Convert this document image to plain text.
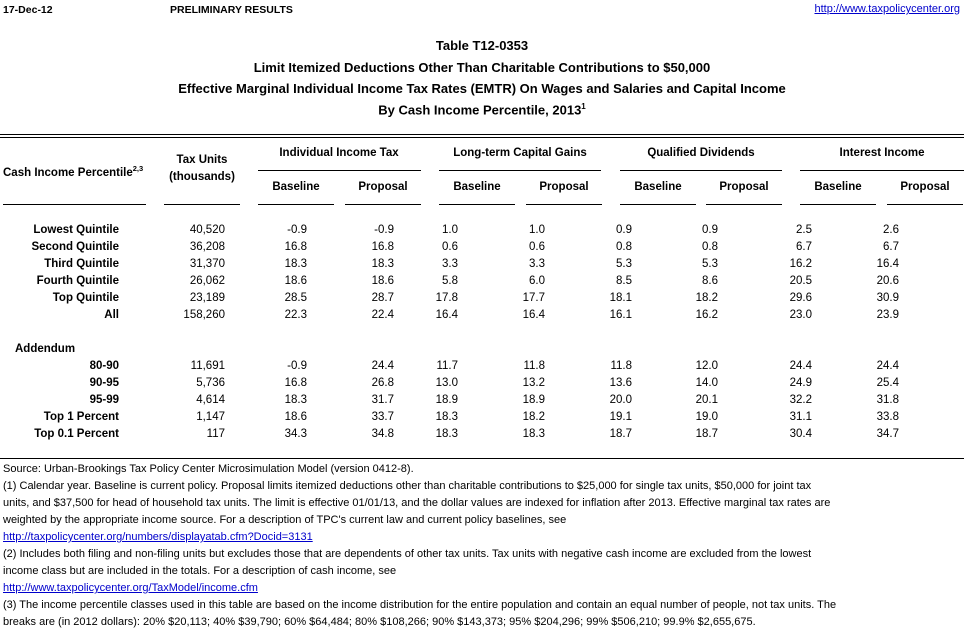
17-Dec-12	PRELIMINARY RESULTS	http://www.taxpolicycenter.org
Table T12-0353
Limit Itemized Deductions Other Than Charitable Contributions to $50,000
Effective Marginal Individual Income Tax Rates (EMTR) On Wages and Salaries and Capital Income
By Cash Income Percentile, 2013$^1$
Cash Income Percentile$^{2,3}$
Tax Units
(thousands)
Individual Income Tax	Long-term Capital Gains	Qualified Dividends	Interest Income
Baseline	Proposal	Baseline	Proposal	Baseline	Proposal	Baseline	Proposal
Lowest Quintile	40,520	-0.9	-0.9	1.0	1.0	0.9	0.9	2.5	2.6
Second Quintile	36,208	16.8	16.8	0.6	0.6	0.8	0.8	6.7	6.7
Third Quintile	31,370	18.3	18.3	3.3	3.3	5.3	5.3	16.2	16.4
Fourth Quintile	26,062	18.6	18.6	5.8	6.0	8.5	8.6	20.5	20.6
Top Quintile	23,189	28.5	28.7	17.8	17.7	18.1	18.2	29.6	30.9
All	158,260	22.3	22.4	16.4	16.4	16.1	16.2	23.0	23.9
Addendum
80-90	11,691	-0.9	24.4	11.7	11.8	11.8	12.0	24.4	24.4
90-95	5,736	16.8	26.8	13.0	13.2	13.6	14.0	24.9	25.4
95-99	4,614	18.3	31.7	18.9	18.9	20.0	20.1	32.2	31.8
Top 1 Percent	1,147	18.6	33.7	18.3	18.2	19.1	19.0	31.1	33.8
Top 0.1 Percent	117	34.3	34.8	18.3	18.3	18.7	18.7	30.4	34.7
Source: Urban-Brookings Tax Policy Center Microsimulation Model (version 0412-8).
(1) Calendar year. Baseline is current policy. Proposal limits itemized deductions other than charitable contributions to $25,000 for single tax units, $50,000 for joint tax
units, and $37,500 for head of household tax units. The limit is effective 01/01/13, and the dollar values are indexed for inflation after 2013. Effective marginal tax rates are
weighted by the appropriate income source. For a description of TPC's current law and current policy baselines, see
http://taxpolicycenter.org/numbers/displayatab.cfm?Docid=3131
(2) Includes both filing and non-filing units but excludes those that are dependents of other tax units. Tax units with negative cash income are excluded from the lowest
income class but are included in the totals. For a description of cash income, see
http://www.taxpolicycenter.org/TaxModel/income.cfm
(3) The income percentile classes used in this table are based on the income distribution for the entire population and contain an equal number of people, not tax units. The
breaks are (in 2012 dollars): 20% $20,113; 40% $39,790; 60% $64,484; 80% $108,266; 90% $143,373; 95% $204,296; 99% $506,210; 99.9% $2,655,675.
